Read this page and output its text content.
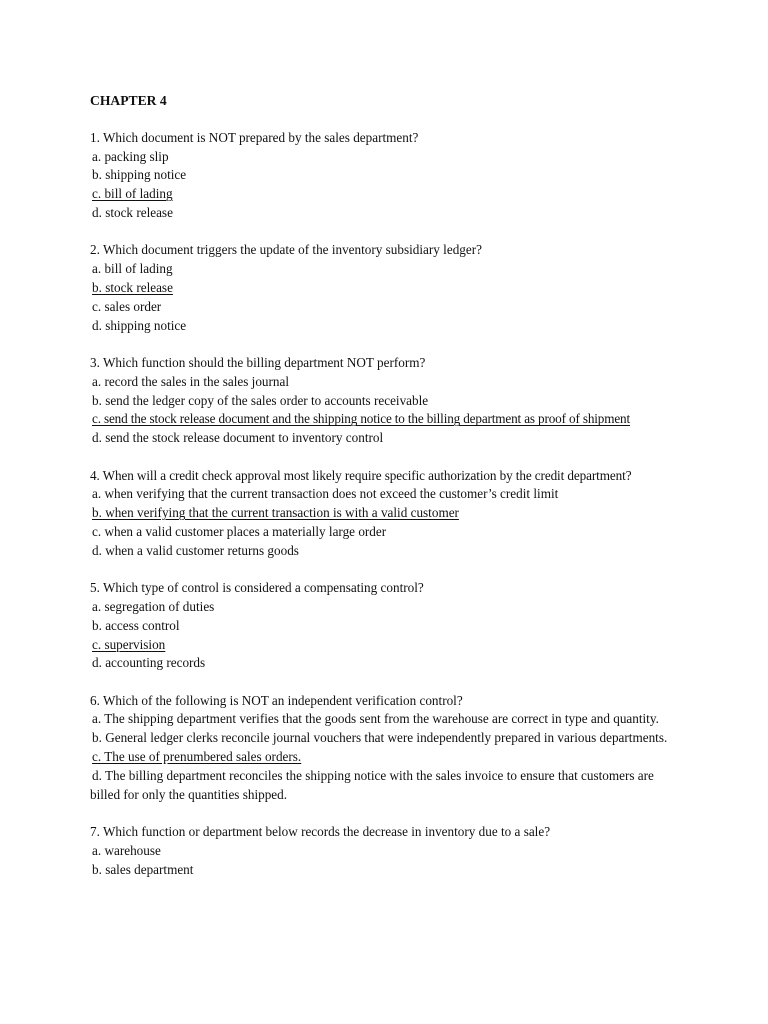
CHAPTER 4
1. Which document is NOT prepared by the sales department?
a. packing slip
b. shipping notice
c. bill of lading
d. stock release
2. Which document triggers the update of the inventory subsidiary ledger?
a. bill of lading
b. stock release
c. sales order
d. shipping notice
3. Which function should the billing department NOT perform?
a. record the sales in the sales journal
b. send the ledger copy of the sales order to accounts receivable
c. send the stock release document and the shipping notice to the billing department as proof of shipment
d. send the stock release document to inventory control
4. When will a credit check approval most likely require specific authorization by the credit department?
a. when verifying that the current transaction does not exceed the customer’s credit limit
b. when verifying that the current transaction is with a valid customer
c. when a valid customer places a materially large order
d. when a valid customer returns goods
5. Which type of control is considered a compensating control?
a. segregation of duties
b. access control
c. supervision
d. accounting records
6. Which of the following is NOT an independent verification control?
a. The shipping department verifies that the goods sent from the warehouse are correct in type and quantity.
b. General ledger clerks reconcile journal vouchers that were independently prepared in various departments.
c. The use of prenumbered sales orders.
d. The billing department reconciles the shipping notice with the sales invoice to ensure that customers are billed for only the quantities shipped.
7. Which function or department below records the decrease in inventory due to a sale?
a. warehouse
b. sales department
